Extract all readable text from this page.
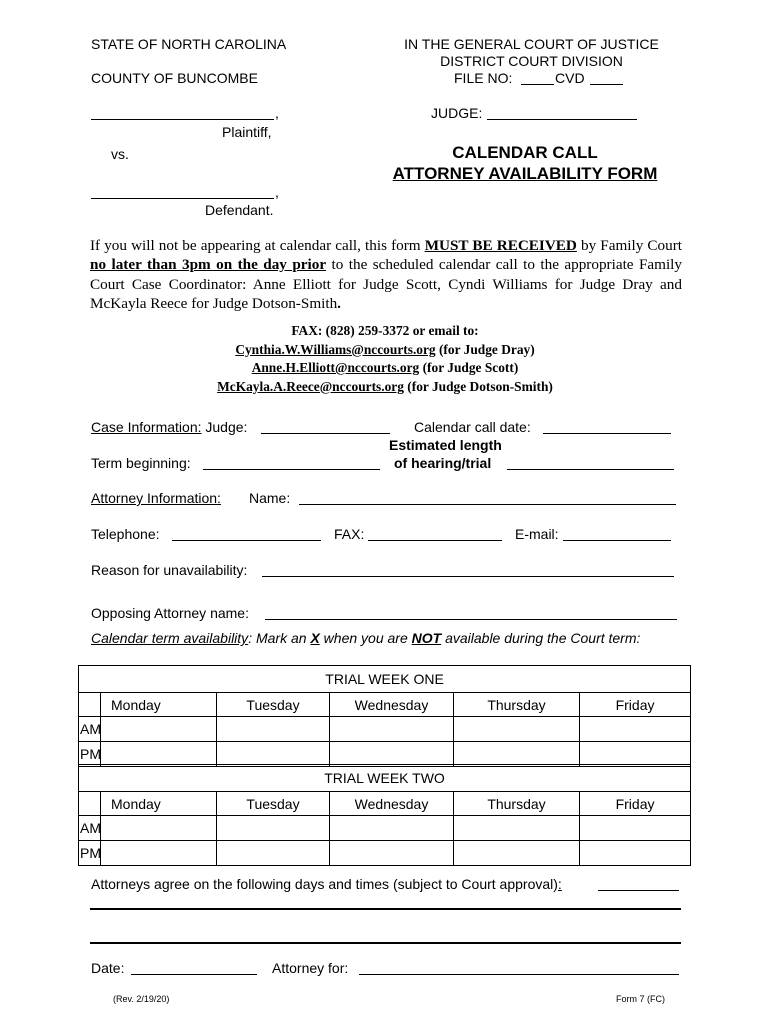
STATE OF NORTH CAROLINA
COUNTY OF BUNCOMBE
IN THE GENERAL COURT OF JUSTICE
DISTRICT COURT DIVISION
FILE NO:	CVD
,
Plaintiff,
vs.
JUDGE:
CALENDAR CALL
ATTORNEY AVAILABILITY FORM
,
Defendant.
If you will not be appearing at calendar call, this form MUST BE RECEIVED by Family Court no later than 3pm on the day prior to the scheduled calendar call to the appropriate Family Court Case Coordinator: Anne Elliott for Judge Scott, Cyndi Williams for Judge Dray and McKayla Reece for Judge Dotson-Smith.
FAX: (828) 259-3372 or email to:
Cynthia.W.Williams@nccourts.org (for Judge Dray)
Anne.H.Elliott@nccourts.org (for Judge Scott)
McKayla.A.Reece@nccourts.org (for Judge Dotson-Smith)
Case Information: Judge:	Calendar call date:
Estimated length
of hearing/trial
Term beginning:
Attorney Information: Name:
Telephone:	FAX:	E-mail:
Reason for unavailability:
Opposing Attorney name:
Calendar term availability: Mark an X when you are NOT available during the Court term:
TRIAL WEEK ONE					
	Monday	Tuesday	Wednesday	Thursday	Friday
AM					
PM					
TRIAL WEEK TWO					
	Monday	Tuesday	Wednesday	Thursday	Friday
AM					
PM					
Attorneys agree on the following days and times (subject to Court approval):
Date:	Attorney for:
(Rev. 2/19/20)	Form 7 (FC)
